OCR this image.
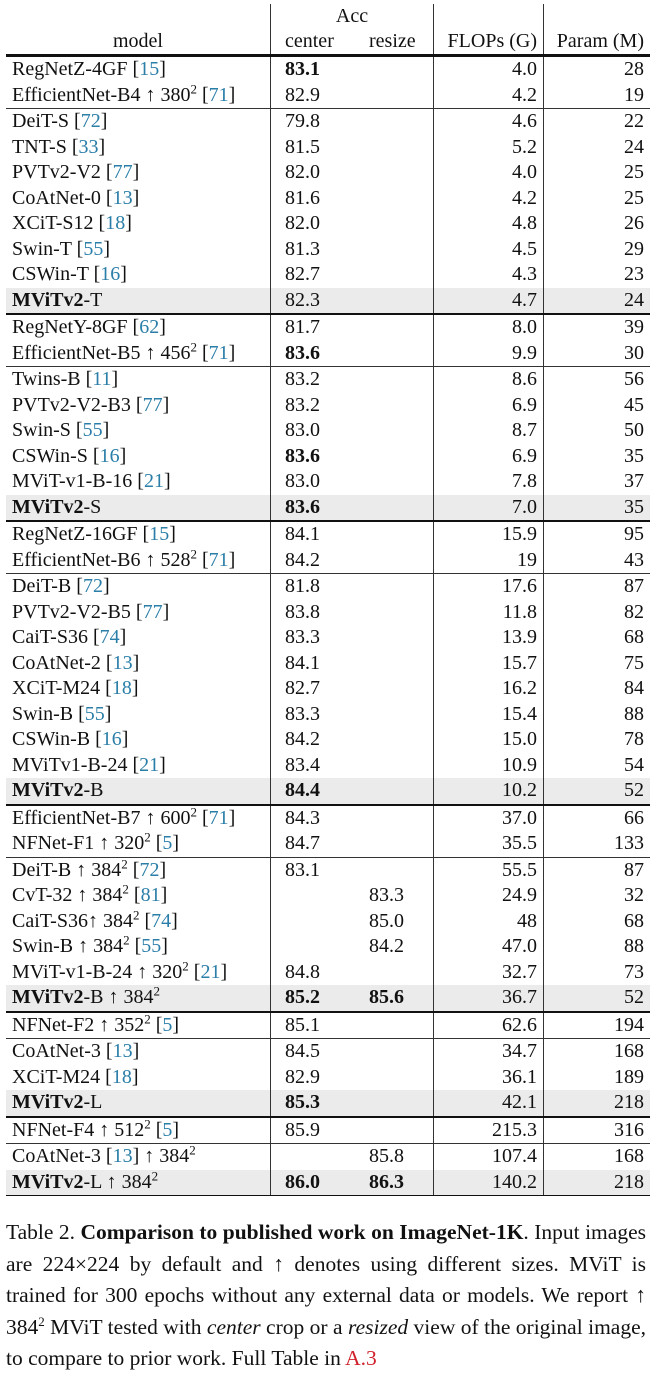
	Acc			
model	center	resize	FLOPs (G)	Param (M)
RegNetZ-4GF [15]	83.1		4.0	28
EfficientNet-B4 ↑ $380^2$ [71]	82.9		4.2	19
DeiT-S [72]	79.8		4.6	22
TNT-S [33]	81.5		5.2	24
PVTv2-V2 [77]	82.0		4.0	25
CoAtNet-0 [13]	81.6		4.2	25
XCiT-S12 [18]	82.0		4.8	26
Swin-T [55]	81.3		4.5	29
CSWin-T [16]	82.7		4.3	23
MViTv2-T	82.3		4.7	24
RegNetY-8GF [62]	81.7		8.0	39
EfficientNet-B5 ↑ $456^2$ [71]	83.6		9.9	30
Twins-B [11]	83.2		8.6	56
PVTv2-V2-B3 [77]	83.2		6.9	45
Swin-S [55]	83.0		8.7	50
CSWin-S [16]	83.6		6.9	35
MViT-v1-B-16 [21]	83.0		7.8	37
MViTv2-S	83.6		7.0	35
RegNetZ-16GF [15]	84.1		15.9	95
EfficientNet-B6 ↑ $528^2$ [71]	84.2		19	43
DeiT-B [72]	81.8		17.6	87
PVTv2-V2-B5 [77]	83.8		11.8	82
CaiT-S36 [74]	83.3		13.9	68
CoAtNet-2 [13]	84.1		15.7	75
XCiT-M24 [18]	82.7		16.2	84
Swin-B [55]	83.3		15.4	88
CSWin-B [16]	84.2		15.0	78
MViTv1-B-24 [21]	83.4		10.9	54
MViTv2-B	84.4		10.2	52
EfficientNet-B7 ↑ $600^2$ [71]	84.3		37.0	66
NFNet-F1 ↑ $320^2$ [5]	84.7		35.5	133
DeiT-B ↑ $384^2$ [72]	83.1		55.5	87
CvT-32 ↑ $384^2$ [81]		83.3	24.9	32
CaiT-S36↑ $384^2$ [74]		85.0	48	68
Swin-B ↑ $384^2$ [55]		84.2	47.0	88
MViT-v1-B-24 ↑ $320^2$ [21]	84.8		32.7	73
MViTv2-B ↑ $384^2$	85.2	85.6	36.7	52
NFNet-F2 ↑ $352^2$ [5]	85.1		62.6	194
CoAtNet-3 [13]	84.5		34.7	168
XCiT-M24 [18]	82.9		36.1	189
MViTv2-L	85.3		42.1	218
NFNet-F4 ↑ $512^2$ [5]	85.9		215.3	316
CoAtNet-3 [13] ↑ $384^2$		85.8	107.4	168
MViTv2-L ↑ $384^2$	86.0	86.3	140.2	218
Table 2. Comparison to published work on ImageNet-1K. Input images are 224×224 by default and ↑ denotes using different sizes. MViT is trained for 300 epochs without any external data or models. We report ↑ $384^2$ MViT tested with center crop or a resized view of the original image, to compare to prior work. Full Table in A.3
